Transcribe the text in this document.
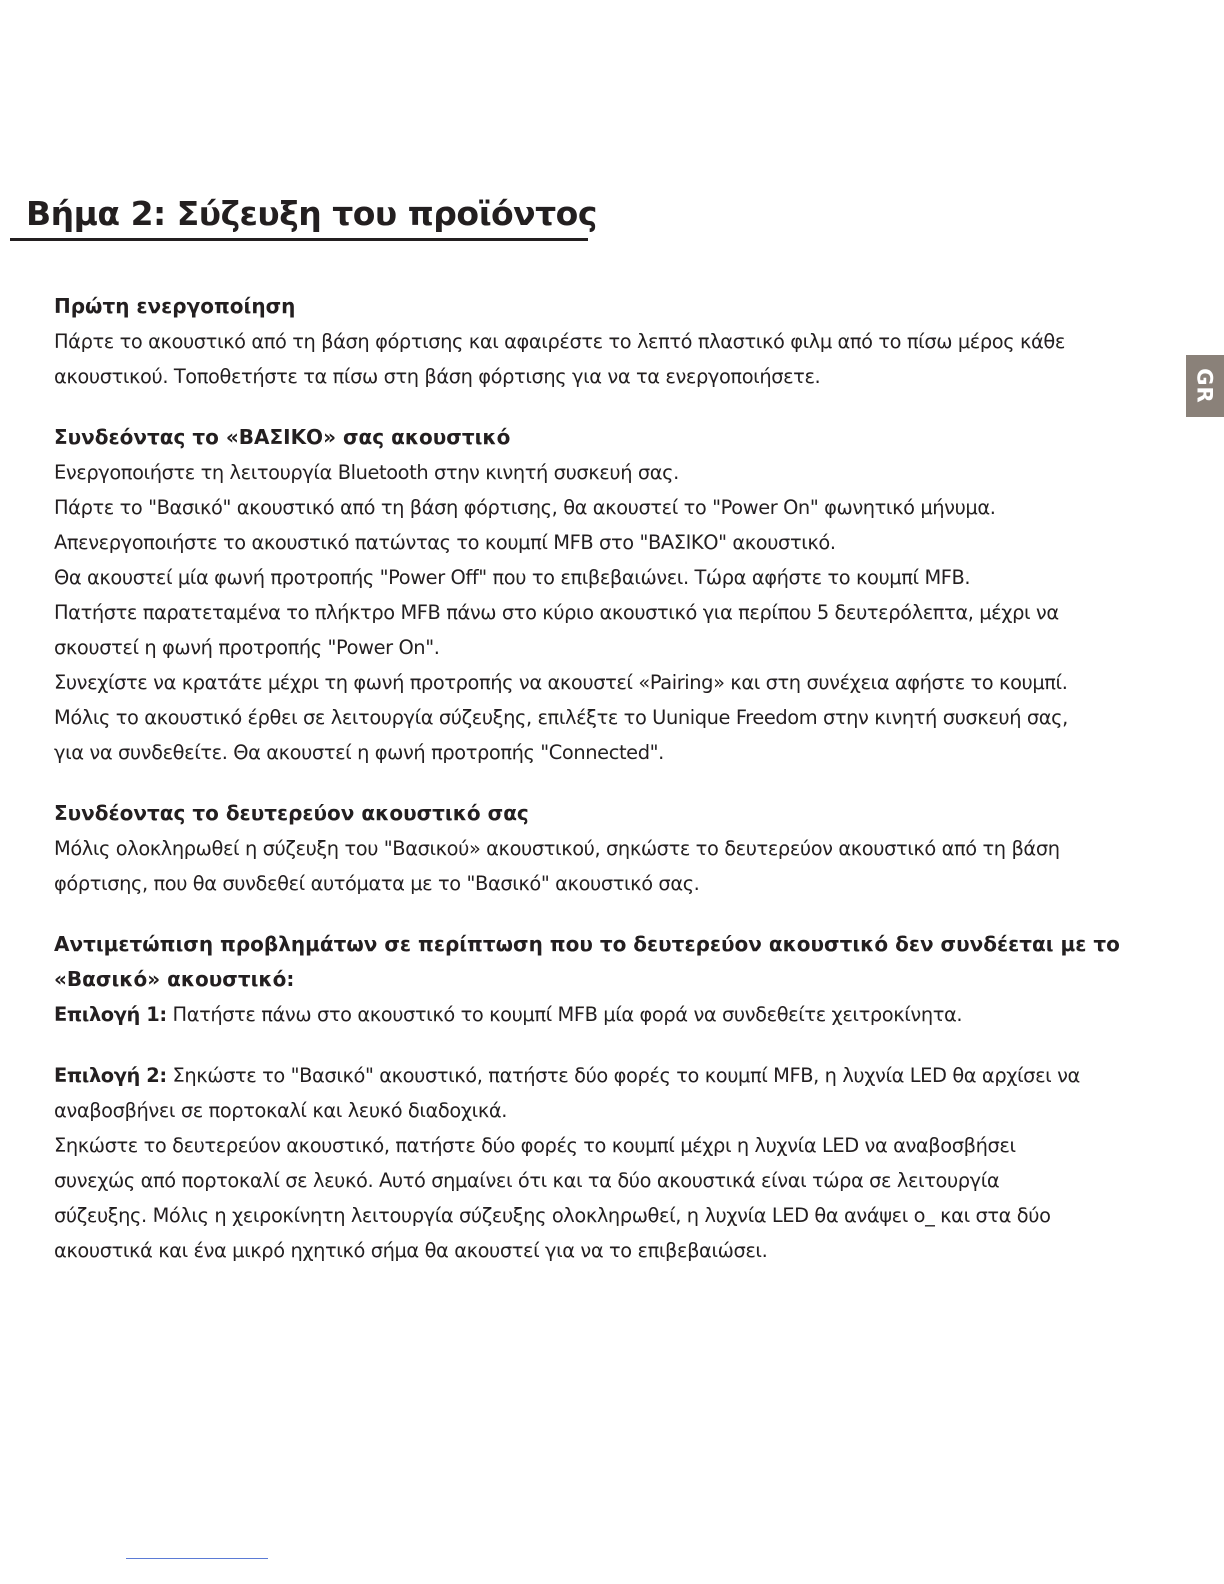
Βήμα 2: Σύζευξη του προϊόντος
GR
Πρώτη ενεργοποίηση

Πάρτε το ακουστικό από τη βάση φόρτισης και αφαιρέστε το λεπτό πλαστικό φιλμ από το πίσω μέρος κάθε

ακουστικού. Τοποθετήστε τα πίσω στη βάση φόρτισης για να τα ενεργοποιήσετε.

Συνδεόντας το «ΒΑΣΙΚΟ» σας ακουστικό

Ενεργοποιήστε τη λειτουργία Bluetooth στην κινητή συσκευή σας.

Πάρτε το "Βασικό" ακουστικό από τη βάση φόρτισης, θα ακουστεί το "Power On" φωνητικό μήνυμα.

Απενεργοποιήστε το ακουστικό πατώντας το κουμπί MFB στο "ΒΑΣΙΚΟ" ακουστικό.

Θα ακουστεί μία φωνή προτροπής "Power Off" που το επιβεβαιώνει. Τώρα αφήστε το κουμπί MFB.

Πατήστε παρατεταμένα το πλήκτρο MFB πάνω στο κύριο ακουστικό για περίπου 5 δευτερόλεπτα, μέχρι να

σκουστεί η φωνή προτροπής "Power On".

Συνεχίστε να κρατάτε μέχρι τη φωνή προτροπής να ακουστεί «Pairing» και στη συνέχεια αφήστε το κουμπί.

Μόλις το ακουστικό έρθει σε λειτουργία σύζευξης, επιλέξτε το Uunique Freedom στην κινητή συσκευή σας,

για να συνδεθείτε. Θα ακουστεί η φωνή προτροπής "Connected".

Συνδέοντας το δευτερεύον ακουστικό σας

Μόλις ολοκληρωθεί η σύζευξη του "Βασικού» ακουστικού, σηκώστε το δευτερεύον ακουστικό από τη βάση

φόρτισης, που θα συνδεθεί αυτόματα με το "Βασικό" ακουστικό σας.

Αντιμετώπιση προβλημάτων σε περίπτωση που το δευτερεύον ακουστικό δεν συνδέεται με το
«Βασικό» ακουστικό:

Επιλογή 1: Πατήστε πάνω στο ακουστικό το κουμπί MFB μία φορά να συνδεθείτε χειτροκίνητα.

Επιλογή 2: Σηκώστε το "Βασικό" ακουστικό, πατήστε δύο φορές το κουμπί MFB, η λυχνία LED θα αρχίσει να

αναβοσβήνει σε πορτοκαλί και λευκό διαδοχικά.

Σηκώστε το δευτερεύον ακουστικό, πατήστε δύο φορές το κουμπί μέχρι η λυχνία LED να αναβοσβήσει

συνεχώς από πορτοκαλί σε λευκό. Αυτό σημαίνει ότι και τα δύο ακουστικά είναι τώρα σε λειτουργία

σύζευξης. Μόλις η χειροκίνητη λειτουργία σύζευξης ολοκληρωθεί, η λυχνία LED θα ανάψει o_ και στα δύο

ακουστικά και ένα μικρό ηχητικό σήμα θα ακουστεί για να το επιβεβαιώσει.
